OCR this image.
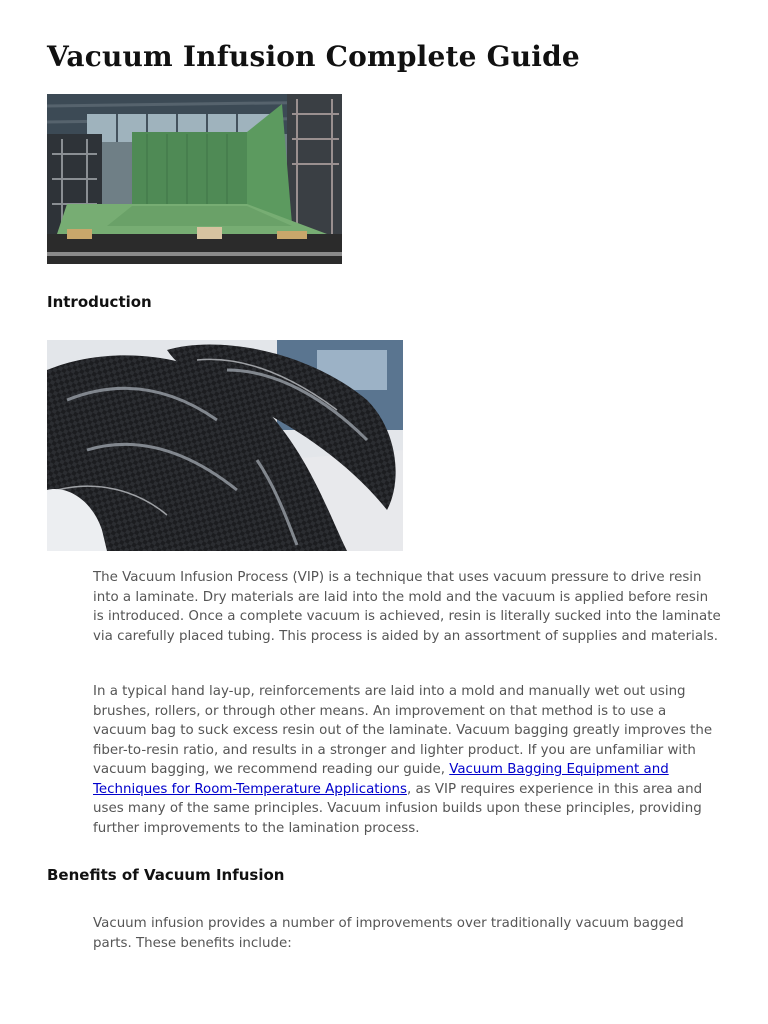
Vacuum Infusion Complete Guide
Introduction

The Vacuum Infusion Process (VIP) is a technique that uses vacuum pressure to drive resin into a laminate. Dry materials are laid into the mold and the vacuum is applied before resin is introduced. Once a complete vacuum is achieved, resin is literally sucked into the laminate via carefully placed tubing. This process is aided by an assortment of supplies and materials.

In a typical hand lay-up, reinforcements are laid into a mold and manually wet out using brushes, rollers, or through other means. An improvement on that method is to use a vacuum bag to suck excess resin out of the laminate. Vacuum bagging greatly improves the fiber-to-resin ratio, and results in a stronger and lighter product. If you are unfamiliar with vacuum bagging, we recommend reading our guide, Vacuum Bagging Equipment and Techniques for Room-Temperature Applications, as VIP requires experience in this area and uses many of the same principles. Vacuum infusion builds upon these principles, providing further improvements to the lamination process.

Benefits of Vacuum Infusion

Vacuum infusion provides a number of improvements over traditionally vacuum bagged parts. These benefits include:
